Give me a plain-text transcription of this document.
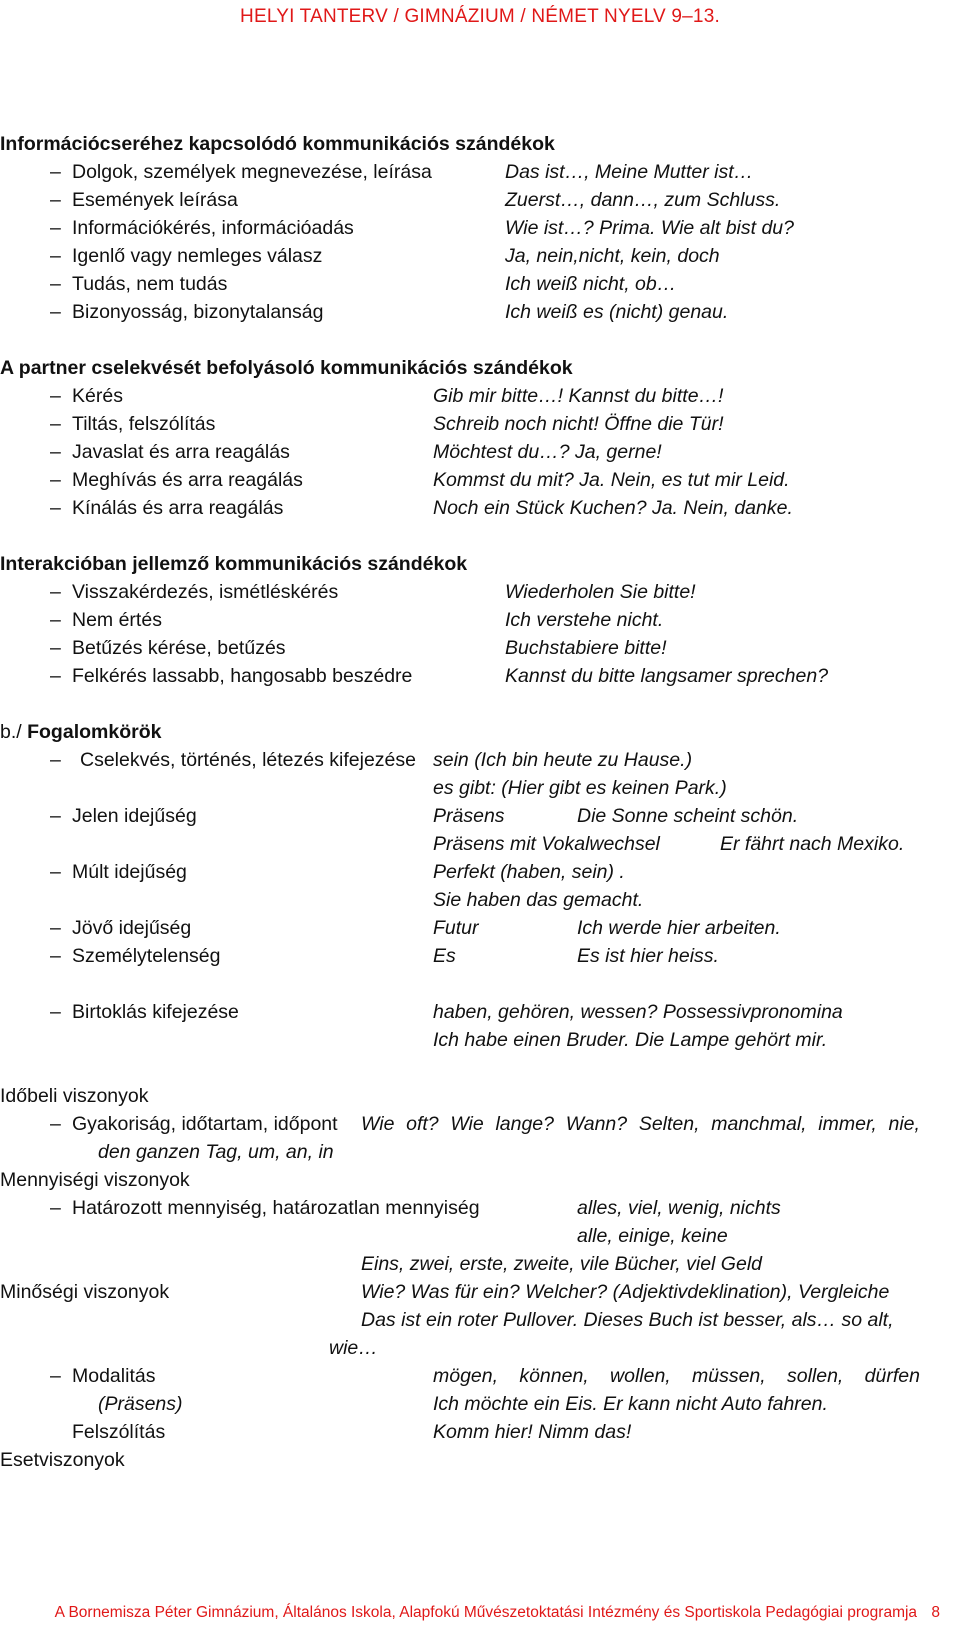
HELYI TANTERV / GIMNÁZIUM / NÉMET NYELV 9–13.
Információcseréhez kapcsolódó kommunikációs szándékok
– Dolgok, személyek megnevezése, leírása	Das ist…, Meine Mutter ist…
– Események leírása	Zuerst…, dann…, zum Schluss.
– Információkérés, információadás	Wie ist…? Prima. Wie alt bist du?
– Igenlő vagy nemleges válasz	Ja, nein,nicht, kein, doch
– Tudás, nem tudás	Ich weiß nicht, ob…
– Bizonyosság, bizonytalanság	Ich weiß es (nicht) genau.
A partner cselekvését befolyásoló kommunikációs szándékok
– Kérés	Gib mir bitte…! Kannst du bitte…!
– Tiltás, felszólítás	Schreib noch nicht! Öffne die Tür!
– Javaslat és arra reagálás	Möchtest du…? Ja, gerne!
– Meghívás és arra reagálás	Kommst du mit? Ja. Nein, es tut mir Leid.
– Kínálás és arra reagálás	Noch ein Stück Kuchen? Ja. Nein, danke.
Interakcióban jellemző kommunikációs szándékok
– Visszakérdezés, ismétléskérés	Wiederholen Sie bitte!
– Nem értés	Ich verstehe nicht.
– Betűzés kérése, betűzés	Buchstabiere bitte!
– Felkérés lassabb, hangosabb beszédre	Kannst du bitte langsamer sprechen?
b./ Fogalomkörök
– Cselekvés, történés, létezés kifejezése sein (Ich bin heute zu Hause.)
es gibt: (Hier gibt es keinen Park.)
– Jelen idejűség	Präsens	Die Sonne scheint schön.
Präsens mit Vokalwechsel	Er fährt nach Mexiko.
– Múlt idejűség	Perfekt (haben, sein) .
Sie haben das gemacht.
– Jövő idejűség	Futur	Ich werde hier arbeiten.
– Személytelenség	Es	Es ist hier heiss.
– Birtoklás kifejezése	haben, gehören, wessen? Possessivpronomina
Ich habe einen Bruder. Die Lampe gehört mir.
Időbeli viszonyok
– Gyakoriság, időtartam, időpont Wie oft? Wie lange? Wann? Selten, manchmal, immer, nie,
den ganzen Tag, um, an, in
Mennyiségi viszonyok
– Határozott mennyiség, határozatlan mennyiség	alles, viel, wenig, nichts
alle, einige, keine
Eins, zwei, erste, zweite, vile Bücher, viel Geld
Minőségi viszonyok	Wie? Was für ein? Welcher? (Adjektivdeklination), Vergleiche
Das ist ein roter Pullover. Dieses Buch ist besser, als… so alt,
wie…
– Modalitás	mögen, können, wollen, müssen, sollen, dürfen
(Präsens)	Ich möchte ein Eis. Er kann nicht Auto fahren.
Felszólítás	Komm hier! Nimm das!
Esetviszonyok
A Bornemisza Péter Gimnázium, Általános Iskola, Alapfokú Művészetoktatási Intézmény és Sportiskola Pedagógiai programja 8
